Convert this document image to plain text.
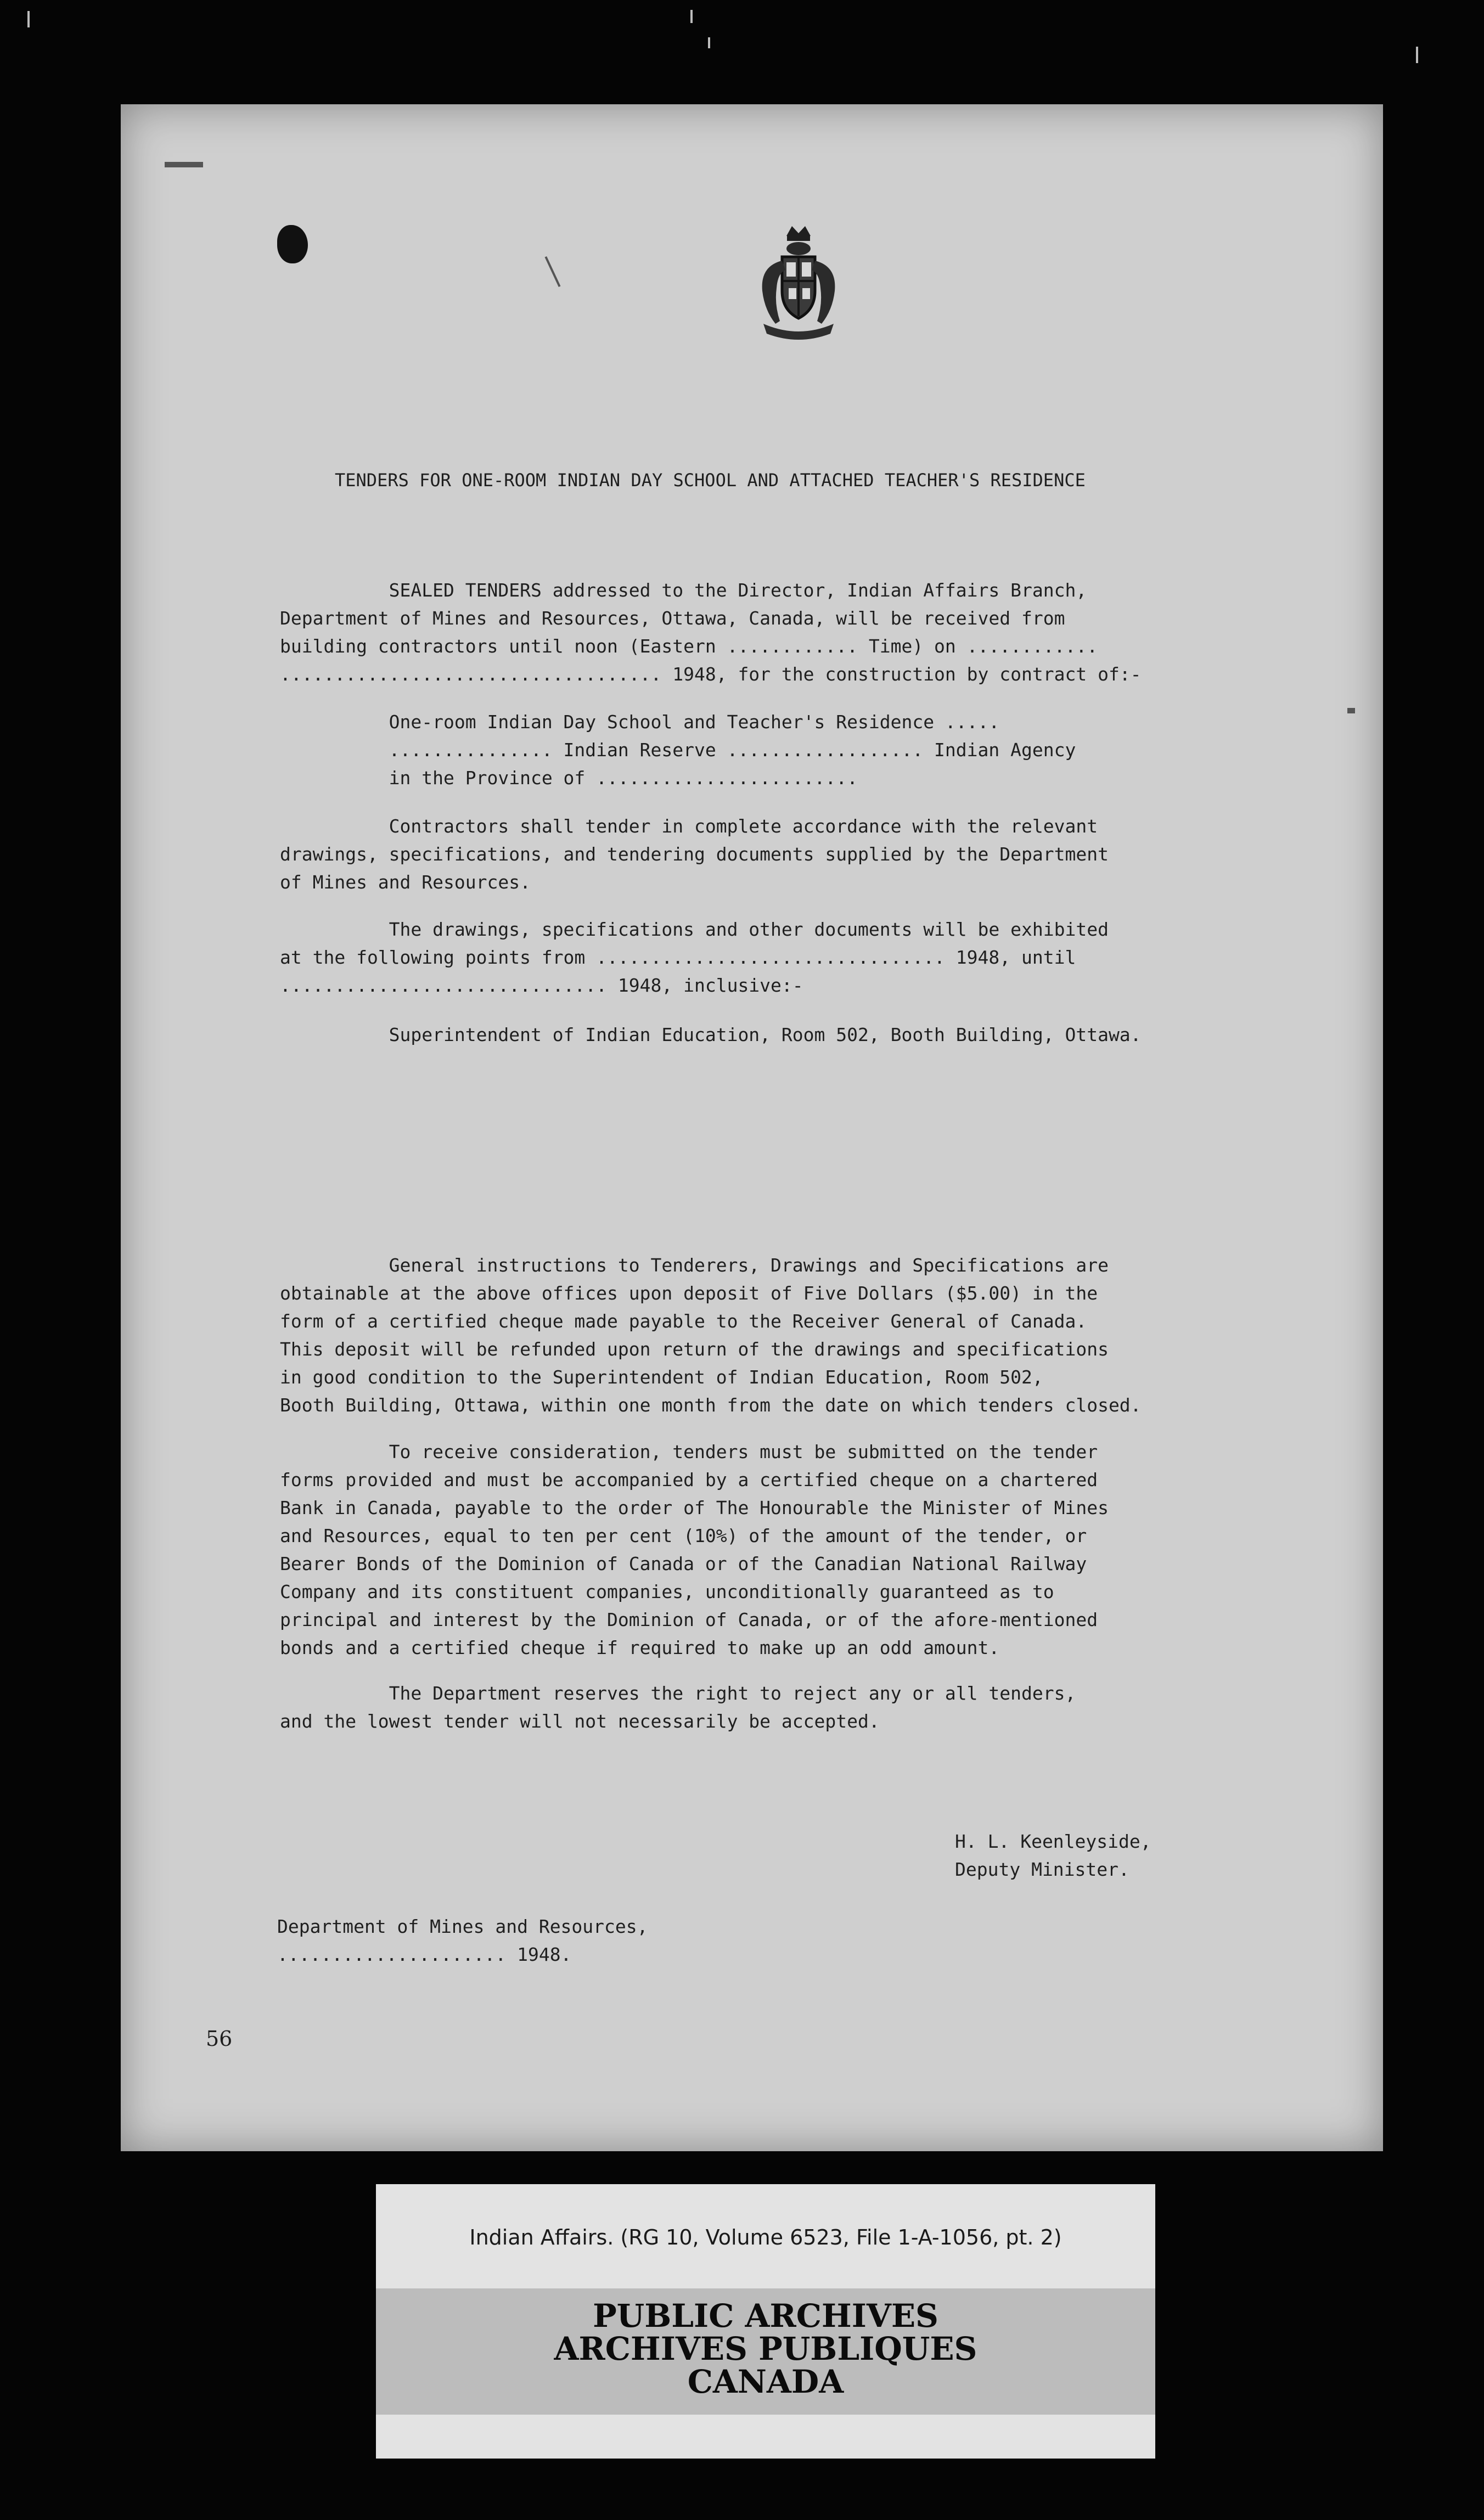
TENDERS FOR ONE-ROOM INDIAN DAY SCHOOL AND ATTACHED TEACHER'S RESIDENCE

SEALED TENDERS addressed to the Director, Indian Affairs Branch,

Department of Mines and Resources, Ottawa, Canada, will be received from

building contractors until noon (Eastern ............ Time) on ............

................................... 1948, for the construction by contract of:-

One-room Indian Day School and Teacher's Residence .....

............... Indian Reserve .................. Indian Agency

in the Province of ........................

Contractors shall tender in complete accordance with the relevant

drawings, specifications, and tendering documents supplied by the Department

of Mines and Resources.

The drawings, specifications and other documents will be exhibited

at the following points from ................................ 1948, until

.............................. 1948, inclusive:-

Superintendent of Indian Education, Room 502, Booth Building, Ottawa.

General instructions to Tenderers, Drawings and Specifications are

obtainable at the above offices upon deposit of Five Dollars ($5.00) in the

form of a certified cheque made payable to the Receiver General of Canada.

This deposit will be refunded upon return of the drawings and specifications

in good condition to the Superintendent of Indian Education, Room 502,

Booth Building, Ottawa, within one month from the date on which tenders closed.

To receive consideration, tenders must be submitted on the tender

forms provided and must be accompanied by a certified cheque on a chartered

Bank in Canada, payable to the order of The Honourable the Minister of Mines

and Resources, equal to ten per cent (10%) of the amount of the tender, or

Bearer Bonds of the Dominion of Canada or of the Canadian National Railway

Company and its constituent companies, unconditionally guaranteed as to

principal and interest by the Dominion of Canada, or of the afore-mentioned

bonds and a certified cheque if required to make up an odd amount.

The Department reserves the right to reject any or all tenders,

and the lowest tender will not necessarily be accepted.

H. L. Keenleyside,

Deputy Minister.

Department of Mines and Resources,

..................... 1948.

56

Indian Affairs. (RG 10, Volume 6523, File 1-A-1056, pt. 2)
PUBLIC ARCHIVES
ARCHIVES PUBLIQUES
CANADA
